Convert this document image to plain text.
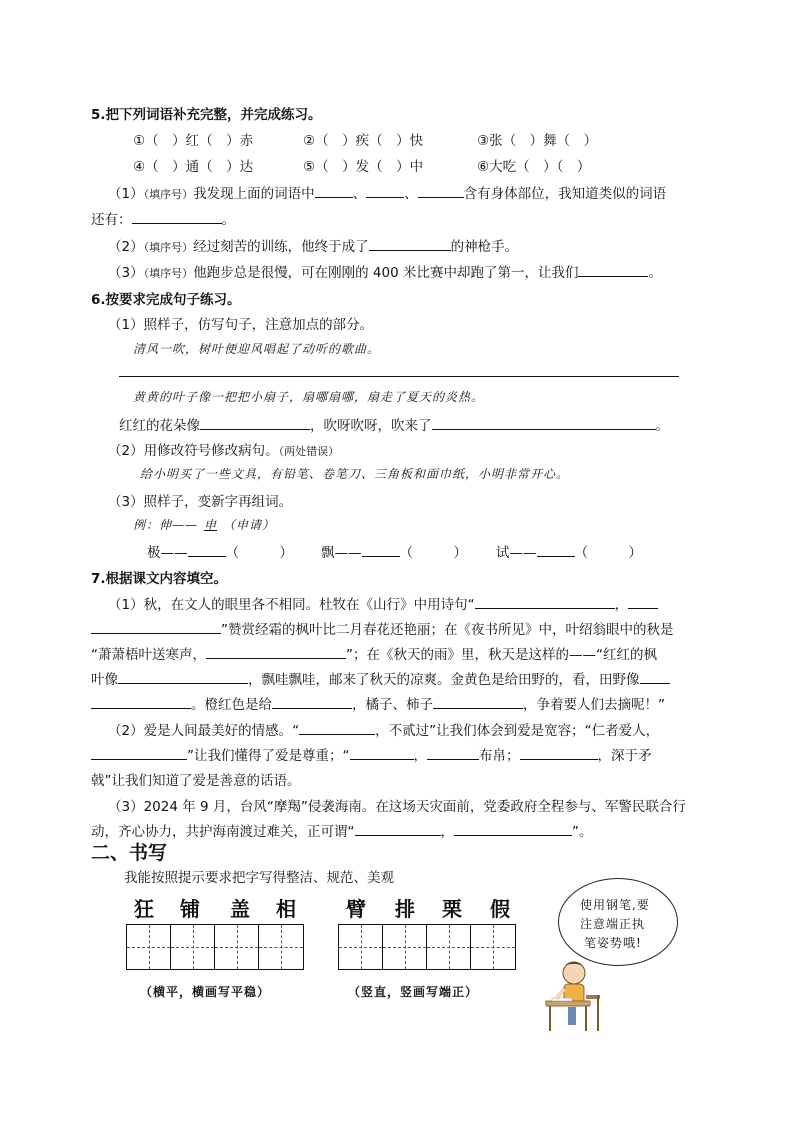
5.把下列词语补充完整，并完成练习。
①（　）红（　）赤	②（　）疾（　）快	③张（　）舞（　）
④（　）通（　）达	⑤（　）发（　）中	⑥大吃（　）（　）
（1）（填序号）我发现上面的词语中	、	、	含有身体部位，我知道类似的词语
还有：	。
（2）（填序号）经过刻苦的训练，他终于成了	的神枪手。
（3）（填序号）他跑步总是很慢，可在刚刚的 400 米比赛中却跑了第一，让我们	。
6.按要求完成句子练习。
（1）照样子，仿写句子，注意加点的部分。
清风一吹，树叶便迎风唱起了动听的歌曲。
黄黄的叶子像一把把小扇子，扇哪扇哪，扇走了夏天的炎热。
红红的花朵像	，吹呀吹呀，吹来了	。
（2）用修改符号修改病句。（两处错误）
给小明买了一些文具，有铅笔、卷笔刀、三角板和面巾纸，小明非常开心。
（3）照样子，变新字再组词。
例：伸—— 申 （申请）
极——	（　　　） 飘——	（　　　） 试——	（　　　）
7.根据课文内容填空。
（1）秋，在文人的眼里各不相同。杜牧在《山行》中用诗句“	，
”赞赏经霜的枫叶比二月春花还艳丽；在《夜书所见》中，叶绍翁眼中的秋是
“萧萧梧叶送寒声，	”；在《秋天的雨》里，秋天是这样的——“红红的枫
叶像	，飘哇飘哇，邮来了秋天的凉爽。金黄色是给田野的，看，田野像
。橙红色是给	，橘子、柿子	，争着要人们去摘呢！”
（2）爱是人间最美好的情感。“	，不贰过”让我们体会到爱是宽容；“仁者爱人，
”让我们懂得了爱是尊重；“	，	布帛；	，深于矛
戟”让我们知道了爱是善意的话语。
（3）2024 年 9 月，台风“摩羯”侵袭海南。在这场天灾面前，党委政府全程参与、军警民联合行
动，齐心协力，共护海南渡过难关，正可谓“	，	”。
二、书写
我能按照提示要求把字写得整洁、规范、美观
狂 铺 盖 相	臂 排 栗 假
（横平，横画写平稳）	（竖直，竖画写端正）
使用钢笔,要
注意端正执
笔姿势哦!
